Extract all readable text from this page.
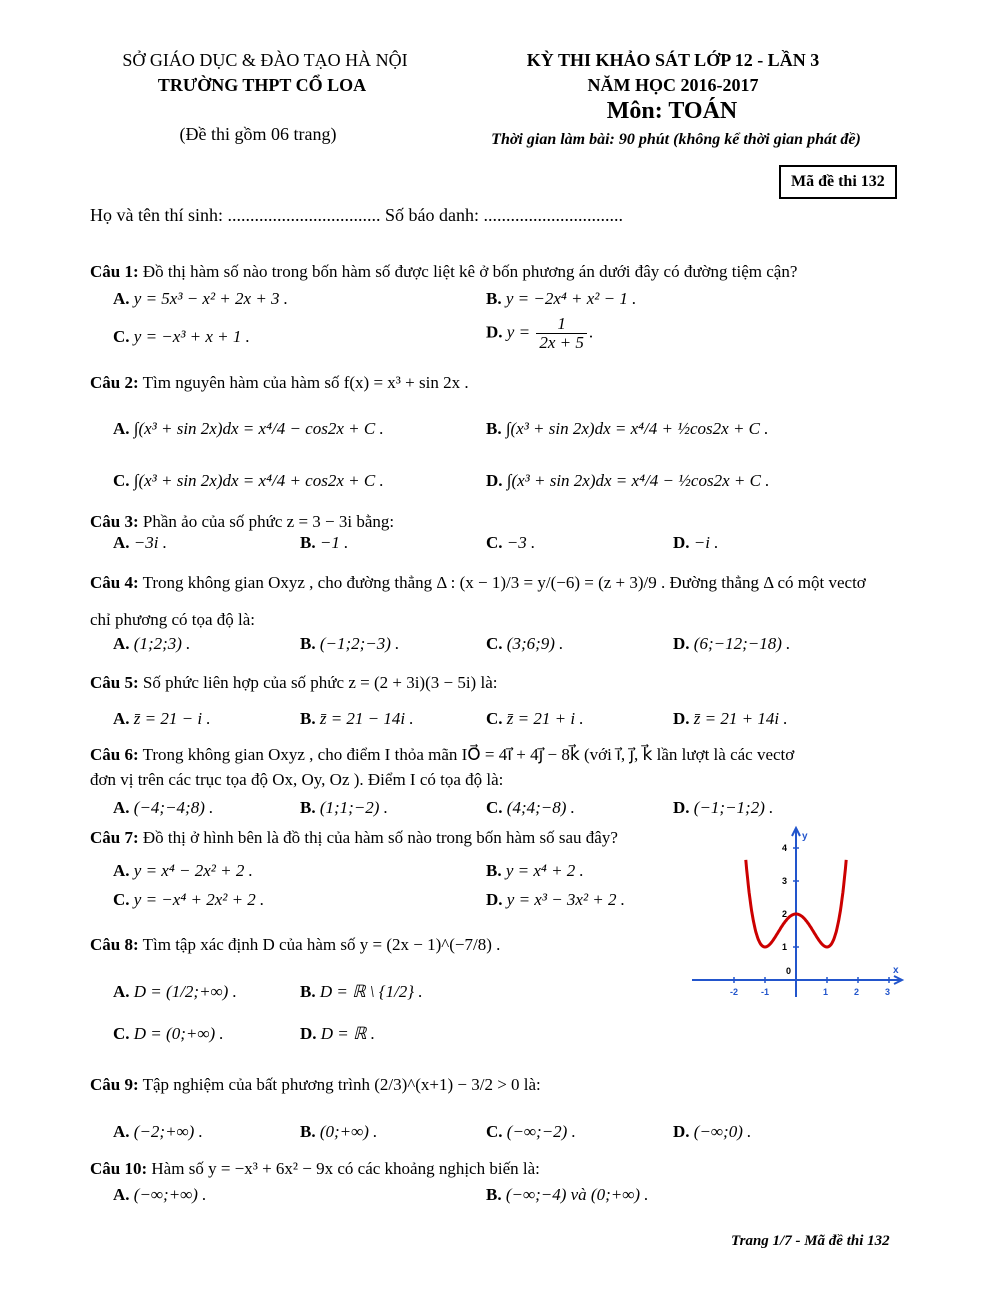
SỞ GIÁO DỤC & ĐÀO TẠO HÀ NỘI
TRƯỜNG THPT CỔ LOA
(Đề thi gồm 06 trang)
KỲ THI KHẢO SÁT LỚP 12 - LẦN 3
NĂM HỌC 2016-2017
Môn: TOÁN
Thời gian làm bài: 90 phút (không kể thời gian phát đề)
Mã đề thi 132
Họ và tên thí sinh: .................................. Số báo danh: ...............................
Câu 1: Đồ thị hàm số nào trong bốn hàm số được liệt kê ở bốn phương án dưới đây có đường tiệm cận?
A. y = 5x³ − x² + 2x + 3 .	B. y = −2x⁴ + x² − 1 .
C. y = −x³ + x + 1 .	D. $y = \frac{1}{2x + 5}$ .
Câu 2: Tìm nguyên hàm của hàm số f(x) = x³ + sin 2x .
A. ∫(x³ + sin 2x)dx = x⁴/4 − cos2x + C .	B. ∫(x³ + sin 2x)dx = x⁴/4 + ½cos2x + C .
C. ∫(x³ + sin 2x)dx = x⁴/4 + cos2x + C .	D. ∫(x³ + sin 2x)dx = x⁴/4 − ½cos2x + C .
Câu 3: Phần ảo của số phức z = 3 − 3i bằng:
A. −3i .	B. −1 .	C. −3 .	D. −i .
Câu 4: Trong không gian Oxyz , cho đường thẳng Δ : (x − 1)/3 = y/(−6) = (z + 3)/9 . Đường thẳng Δ có một vectơ
chỉ phương có tọa độ là:
A. (1;2;3) .	B. (−1;2;−3) .	C. (3;6;9) .	D. (6;−12;−18) .
Câu 5: Số phức liên hợp của số phức z = (2 + 3i)(3 − 5i) là:
A. z̄ = 21 − i .	B. z̄ = 21 − 14i .	C. z̄ = 21 + i .	D. z̄ = 21 + 14i .
Câu 6: Trong không gian Oxyz , cho điểm I thỏa mãn IO⃗ = 4i⃗ + 4j⃗ − 8k⃗ (với i⃗, j⃗, k⃗ lần lượt là các vectơ
đơn vị trên các trục tọa độ Ox, Oy, Oz ). Điểm I có tọa độ là:
A. (−4;−4;8) .	B. (1;1;−2) .	C. (4;4;−8) .	D. (−1;−1;2) .
Câu 7: Đồ thị ở hình bên là đồ thị của hàm số nào trong bốn hàm số sau đây?
A. y = x⁴ − 2x² + 2 .	B. y = x⁴ + 2 .
C. y = −x⁴ + 2x² + 2 .	D. y = x³ − 3x² + 2 .
y
x
-2	-1
0
1	2	3
1
2
3
4
Câu 8: Tìm tập xác định D của hàm số y = (2x − 1)^(−7/8) .
A. D = (1/2;+∞) .	B. D = ℝ \ {1/2} .
C. D = (0;+∞) .	D. D = ℝ .
Câu 9: Tập nghiệm của bất phương trình (2/3)^(x+1) − 3/2 > 0 là:
A. (−2;+∞) .	B. (0;+∞) .	C. (−∞;−2) .	D. (−∞;0) .
Câu 10: Hàm số y = −x³ + 6x² − 9x có các khoảng nghịch biến là:
A. (−∞;+∞) .	B. (−∞;−4) và (0;+∞) .
Trang 1/7 - Mã đề thi 132
